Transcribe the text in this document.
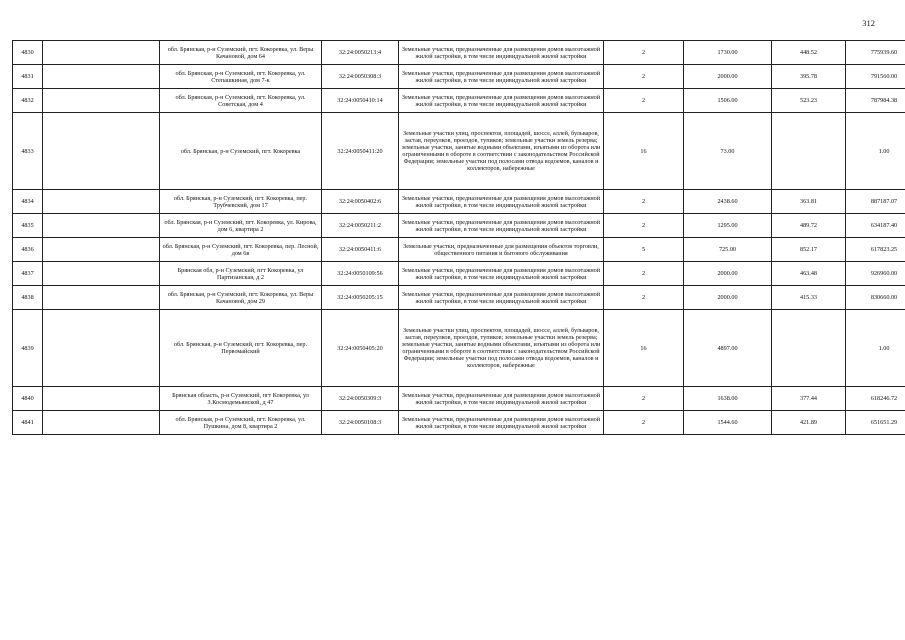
312
4830		обл. Брянская, р-н Суземский, пгт. Кокоревка, ул. Веры Качановой, дом 64	32:24:0050213:4	Земельные участки, предназначенные для размещения домов малоэтажной жилой застройки, в том числе индивидуальной жилой застройки	2	1730.00	448.52	775939.60
4831		обл. Брянская, р-н Суземский, пгт. Кокоревка, ул. Степашкиная, дом 7-к	32:24:0050308:3	Земельные участки, предназначенные для размещения домов малоэтажной жилой застройки, в том числе индивидуальной жилой застройки	2	2000.00	395.78	791560.00
4832		обл. Брянская, р-н Суземский, пгт. Кокоревка, ул. Советская, дом 4	32:24:0050410:14	Земельные участки, предназначенные для размещения домов малоэтажной жилой застройки, в том числе индивидуальной жилой застройки	2	1506.00	523.23	787984.38
4833		обл. Брянская, р-н Суземский, пгт. Кокоревка	32:24:0050411:20	Земельные участки улиц, проспектов, площадей, шоссе, аллей, бульваров, застав, переулков, проездов, тупиков; земельные участки земель резерва; земельные участки, занятые водными объектами, изъятыми из оборота или ограниченными в обороте в соответствии с законодательством Российской Федерации; земельные участки под полосами отвода водоемов, каналов и коллекторов, набережные	16	73.00		1.00
4834		обл. Брянская, р-н Суземский, пгт. Кокоревка, пер. Трубчевский, дом 17	32:24:0050402:6	Земельные участки, предназначенные для размещения домов малоэтажной жилой застройки, в том числе индивидуальной жилой застройки	2	2438.60	363.81	887187.07
4835		обл. Брянская, р-н Суземский, пгт. Кокоревка, ул. Кирова, дом 6, квартира 2	32:24:0050211:2	Земельные участки, предназначенные для размещения домов малоэтажной жилой застройки, в том числе индивидуальной жилой застройки	2	1295.00	489.72	634187.40
4836		обл. Брянская, р-н Суземский, пгт. Кокоревка, пер. Лесной, дом 6в	32:24:0050411:6	Земельные участки, предназначенные для размещения объектов торговли, общественного питания и бытового обслуживания	5	725.00	852.17	617823.25
4837		Брянская обл, р-н Суземский, пгт Кокоревка, ул Партизанская, д 2	32:24:0050109:56	Земельные участки, предназначенные для размещения домов малоэтажной жилой застройки, в том числе индивидуальной жилой застройки	2	2000.00	463.48	926960.00
4838		обл. Брянская, р-н Суземский, пгт. Кокоревка, ул. Веры Качановой, дом 29	32:24:0050205:15	Земельные участки, предназначенные для размещения домов малоэтажной жилой застройки, в том числе индивидуальной жилой застройки	2	2000.00	415.33	830660.00
4839		обл. Брянская, р-н Суземский, пгт. Кокоревка, пер. Первомайский	32:24:0050405:20	Земельные участки улиц, проспектов, площадей, шоссе, аллей, бульваров, застав, переулков, проездов, тупиков; земельные участки земель резерва; земельные участки, занятые водными объектами, изъятыми из оборота или ограниченными в обороте в соответствии с законодательством Российской Федерации; земельные участки под полосами отвода водоемов, каналов и коллекторов, набережные	16	4897.00		1.00
4840		Брянская область, р-н Суземский, пгт Кокоревка, ул З.Космодемьянской, д 47	32:24:0050309:3	Земельные участки, предназначенные для размещения домов малоэтажной жилой застройки, в том числе индивидуальной жилой застройки	2	1638.00	377.44	618246.72
4841		обл. Брянская, р-н Суземский, пгт. Кокоревка, ул. Пушкина, дом 8, квартира 2	32:24:0050108:3	Земельные участки, предназначенные для размещения домов малоэтажной жилой застройки, в том числе индивидуальной жилой застройки	2	1544.60	421.89	651651.29
